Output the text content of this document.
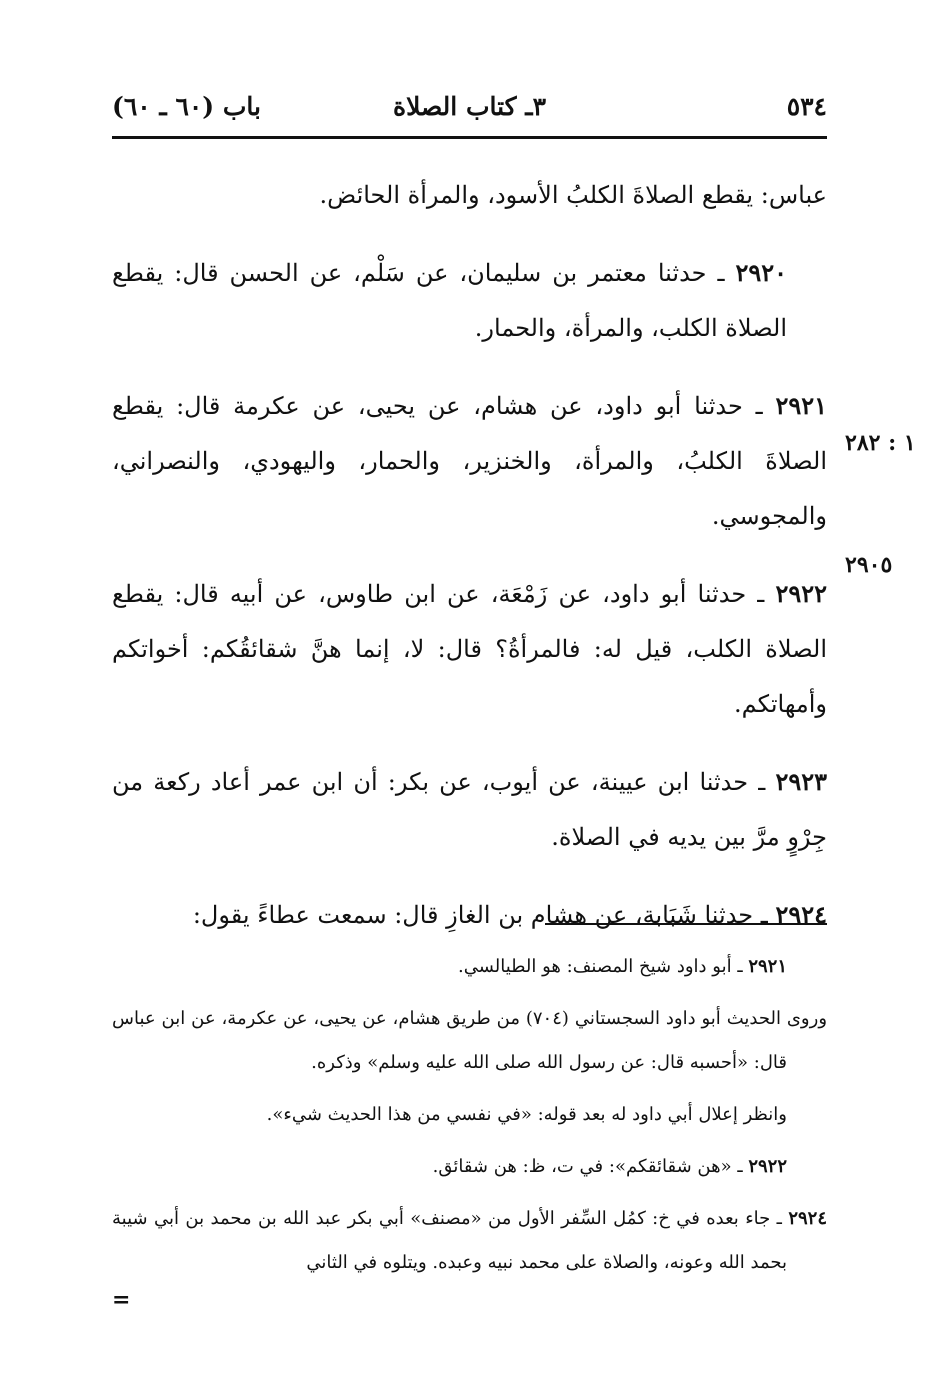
٥٣٤
٣ـ كتاب الصلاة
باب (٦٠ ـ ٦٠)

عباس: يقطع الصلاةَ الكلبُ الأسود، والمرأة الحائض.

٢٩٢٠ ـ حدثنا معتمر بن سليمان، عن سَلْم، عن الحسن قال: يقطع الصلاة الكلب، والمرأة، والحمار.

٢٩٢١ ـ حدثنا أبو داود، عن هشام، عن يحيى، عن عكرمة قال: يقطع الصلاةَ الكلبُ، والمرأة، والخنزير، والحمار، واليهودي، والنصراني، والمجوسي.

٢٩٢٢ ـ حدثنا أبو داود، عن زَمْعَة، عن ابن طاوس، عن أبيه قال: يقطع الصلاة الكلب، قيل له: فالمرأةُ؟ قال: لا، إنما هنَّ شقائقُكم: أخواتكم وأمهاتكم.

٢٩٢٣ ـ حدثنا ابن عيينة، عن أيوب، عن بكر: أن ابن عمر أعاد ركعة من جِرْوٍ مرَّ بين يديه في الصلاة.

٢٩٢٤ ـ حدثنا شَبَابة، عن هشام بن الغازِ قال: سمعت عطاءً يقول:

١ : ٢٨٢
٢٩٠٥

٢٩٢١ ـ أبو داود شيخ المصنف: هو الطيالسي.

وروى الحديث أبو داود السجستاني (٧٠٤) من طريق هشام، عن يحيى، عن عكرمة، عن ابن عباس قال: «أحسبه قال: عن رسول الله صلى الله عليه وسلم» وذكره.

وانظر إعلال أبي داود له بعد قوله: «في نفسي من هذا الحديث شيء».

٢٩٢٢ ـ «هن شقائقكم»: في ت، ظ: هن شقائق.

٢٩٢٤ ـ جاء بعده في خ: كمُل السِّفر الأول من «مصنف» أبي بكر عبد الله بن محمد بن أبي شيبة بحمد الله وعونه، والصلاة على محمد نبيه وعبده. ويتلوه في الثاني

=
